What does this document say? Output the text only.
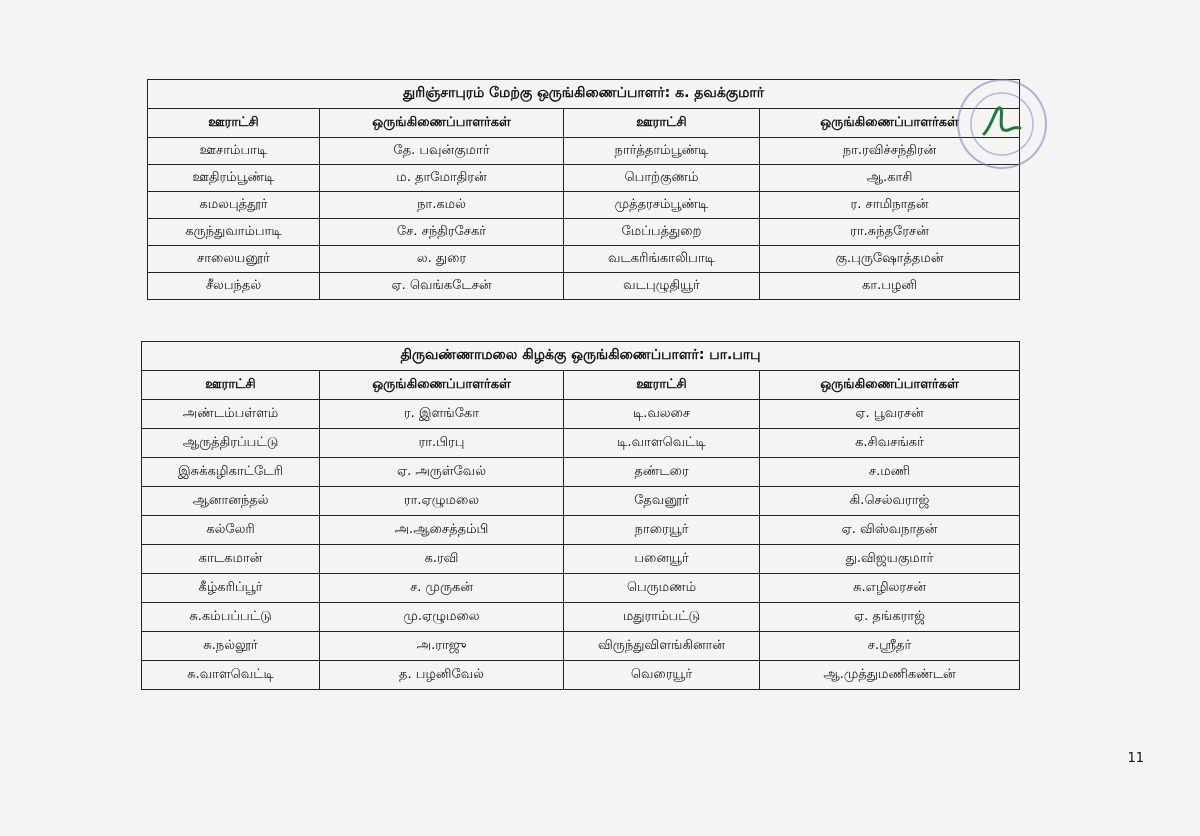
துரிஞ்சாபுரம் மேற்கு ஒருங்கிணைப்பாளர்: க. தவக்குமார்			
ஊராட்சி	ஒருங்கிணைப்பாளர்கள்	ஊராட்சி	ஒருங்கிணைப்பாளர்கள்
ஊசாம்பாடி	தே. பவுன்குமார்	நார்த்தாம்பூண்டி	நா.ரவிச்சந்திரன்
ஊதிரம்பூண்டி	ம. தாமோதிரன்	பொற்குணம்	ஆ.காசி
கமலபுத்தூர்	நா.கமல்	முத்தரசம்பூண்டி	ர. சாமிநாதன்
கருந்துவாம்பாடி	சே. சந்திரசேகர்	மேப்பத்துறை	ரா.சுந்தரேசன்
சாலையனூர்	ல. துரை	வடகரிங்காலிபாடி	கு.புருஷோத்தமன்
சீலபந்தல்	ஏ. வெங்கடேசன்	வடபுழுதியூர்	கா.பழனி
திருவண்ணாமலை கிழக்கு ஒருங்கிணைப்பாளர்: பா.பாபு			
ஊராட்சி	ஒருங்கிணைப்பாளர்கள்	ஊராட்சி	ஒருங்கிணைப்பாளர்கள்
அண்டம்பள்ளம்	ர. இளங்கோ	டி.வலசை	ஏ. பூவரசன்
ஆருத்திரப்பட்டு	ரா.பிரபு	டி.வாளவெட்டி	க.சிவசங்கர்
இசுக்கழிகாட்டேரி	ஏ. அருள்வேல்	தண்டரை	ச.மணி
ஆனானந்தல்	ரா.ஏழுமலை	தேவனூர்	கி.செல்வராஜ்
கல்லேரி	அ.ஆசைத்தம்பி	நாரையூர்	ஏ. விஸ்வநாதன்
காடகமான்	க.ரவி	பனையூர்	து.விஜயகுமார்
கீழ்கரிப்பூர்	ச. முருகன்	பெருமணம்	சு.எழிலரசன்
சு.கம்பப்பட்டு	மு.ஏழுமலை	மதுராம்பட்டு	ஏ. தங்கராஜ்
சு.நல்லூர்	அ.ராஜு	விருந்துவிளங்கினான்	ச.ஸ்ரீதர்
சு.வாளவெட்டி	த. பழனிவேல்	வெரையூர்	ஆ.முத்துமணிகண்டன்
11
